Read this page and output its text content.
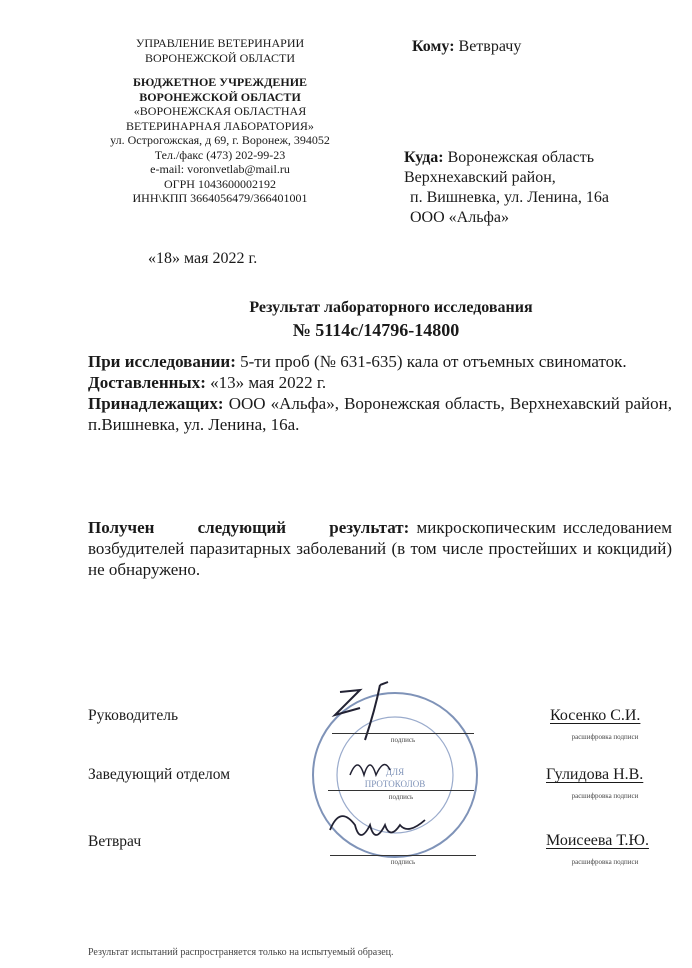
УПРАВЛЕНИЕ ВЕТЕРИНАРИИ
ВОРОНЕЖСКОЙ ОБЛАСТИ
БЮДЖЕТНОЕ УЧРЕЖДЕНИЕ
ВОРОНЕЖСКОЙ ОБЛАСТИ
«ВОРОНЕЖСКАЯ ОБЛАСТНАЯ
ВЕТЕРИНАРНАЯ ЛАБОРАТОРИЯ»
ул. Острогожская, д 69, г. Воронеж, 394052
Тел./факс (473) 202-99-23
e-mail: voronvetlab@mail.ru
ОГРН 1043600002192
ИНН\КПП 3664056479/366401001
«18» мая 2022 г.
Кому: Ветврачу
Куда: Воронежская область
Верхнехавский район,
п. Вишневка, ул. Ленина, 16а
ООО «Альфа»
Результат лабораторного исследования
№ 5114с/14796-14800
При исследовании: 5-ти проб (№ 631-635) кала от отъемных свиноматок.
Доставленных: «13» мая 2022 г.
Принадлежащих: ООО «Альфа», Воронежская область, Верхнехавский район, п.Вишневка, ул. Ленина, 16а.
Получен следующий результат: микроскопическим исследованием возбудителей паразитарных заболеваний (в том числе простейших и кокцидий) не обнаружено.
ДЛЯ
ПРОТОКОЛОВ
Руководитель
подпись
Косенко С.И.
расшифровка подписи
Заведующий отделом
подпись
Гулидова Н.В.
расшифровка подписи
Ветврач
подпись
Моисеева Т.Ю.
расшифровка подписи
Результат испытаний распространяется только на испытуемый образец.
